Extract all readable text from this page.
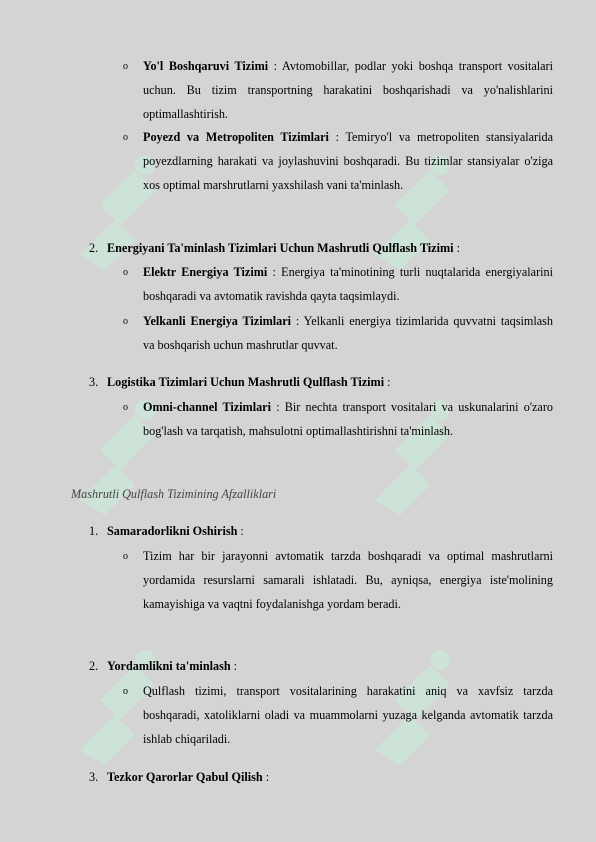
o Yo'l Boshqaruvi Tizimi : Avtomobillar, podlar yoki boshqa transport vositalari uchun. Bu tizim transportning harakatini boshqarishadi va yo'nalishlarini optimallashtirish.
o Poyezd va Metropoliten Tizimlari : Temiryo'l va metropoliten stansiyalarida poyezdlarning harakati va joylashuvini boshqaradi. Bu tizimlar stansiyalar o'ziga xos optimal marshrutlarni yaxshilash vani ta'minlash.
2. Energiyani Ta'minlash Tizimlari Uchun Mashrutli Qulflash Tizimi :
o Elektr Energiya Tizimi : Energiya ta'minotining turli nuqtalarida energiyalarini boshqaradi va avtomatik ravishda qayta taqsimlaydi.
o Yelkanli Energiya Tizimlari : Yelkanli energiya tizimlarida quvvatni taqsimlash va boshqarish uchun mashrutlar quvvat.
3. Logistika Tizimlari Uchun Mashrutli Qulflash Tizimi :
o Omni-channel Tizimlari : Bir nechta transport vositalari va uskunalarini o'zaro bog'lash va tarqatish, mahsulotni optimallashtirishni ta'minlash.
Mashrutli Qulflash Tizimining Afzalliklari
1. Samaradorlikni Oshirish :
o Tizim har bir jarayonni avtomatik tarzda boshqaradi va optimal mashrutlarni yordamida resurslarni samarali ishlatadi. Bu, ayniqsa, energiya iste'molining kamayishiga va vaqtni foydalanishga yordam beradi.
2. Yordamlikni ta'minlash :
o Qulflash tizimi, transport vositalarining harakatini aniq va xavfsiz tarzda boshqaradi, xatoliklarni oladi va muammolarni yuzaga kelganda avtomatik tarzda ishlab chiqariladi.
3. Tezkor Qarorlar Qabul Qilish :
